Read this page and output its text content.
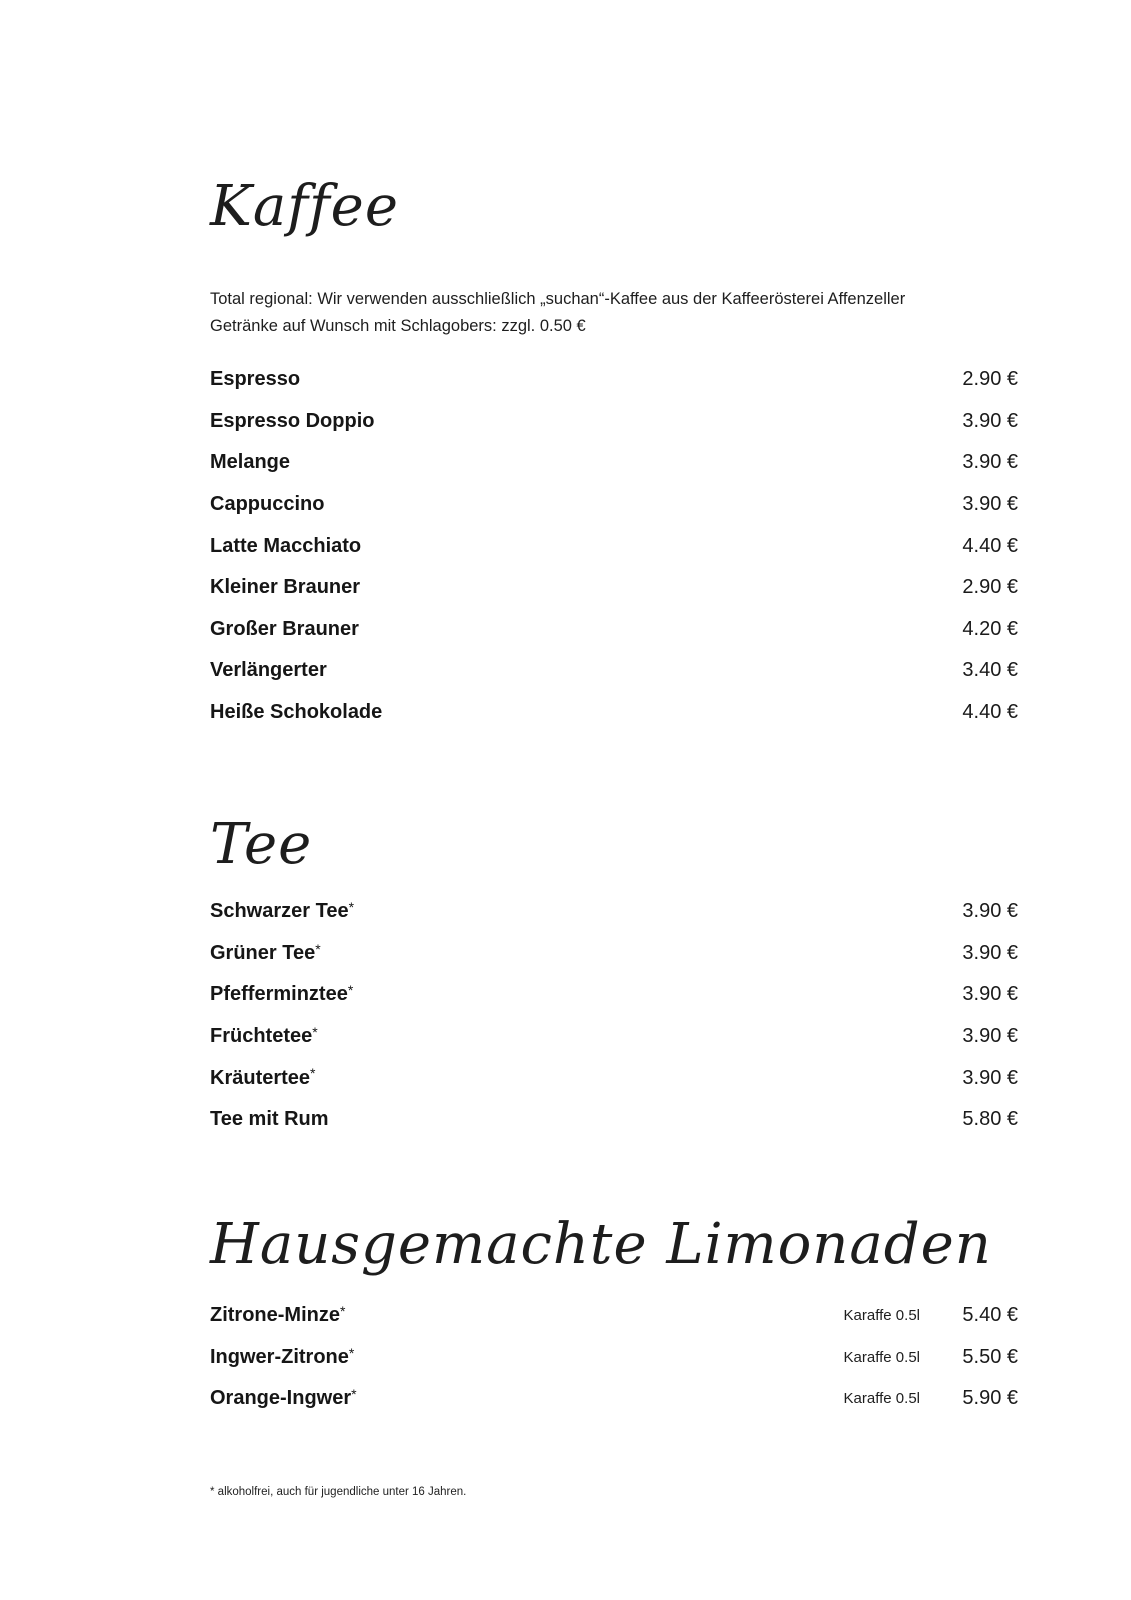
* alkoholfrei, auch für jugendliche unter 16 Jahren.

Kaffee

Total regional: Wir verwenden ausschließlich „suchan“-Kaffee aus der Kaffeerösterei Affenzeller

Getränke auf Wunsch mit Schlagobers: zzgl. 0.50 €

Espresso	2.90 €
Espresso Doppio	3.90 €
Melange	3.90 €
Cappuccino	3.90 €
Latte Macchiato	4.40 €
Kleiner Brauner	2.90 €
Großer Brauner	4.20 €
Verlängerter	3.40 €
Heiße Schokolade	4.40 €
Tee
Schwarzer Tee *	3.90 €
Grüner Tee *	3.90 €
Pfefferminztee *	3.90 €
Früchtetee *	3.90 €
Kräutertee *	3.90 €
Tee mit Rum	5.80 €
Hausgemachte Limonaden
Zitrone-Minze *	Karaffe 0.5l	5.40 €
Ingwer-Zitrone *	Karaffe 0.5l	5.50 €
Orange-Ingwer *	Karaffe 0.5l	5.90 €
